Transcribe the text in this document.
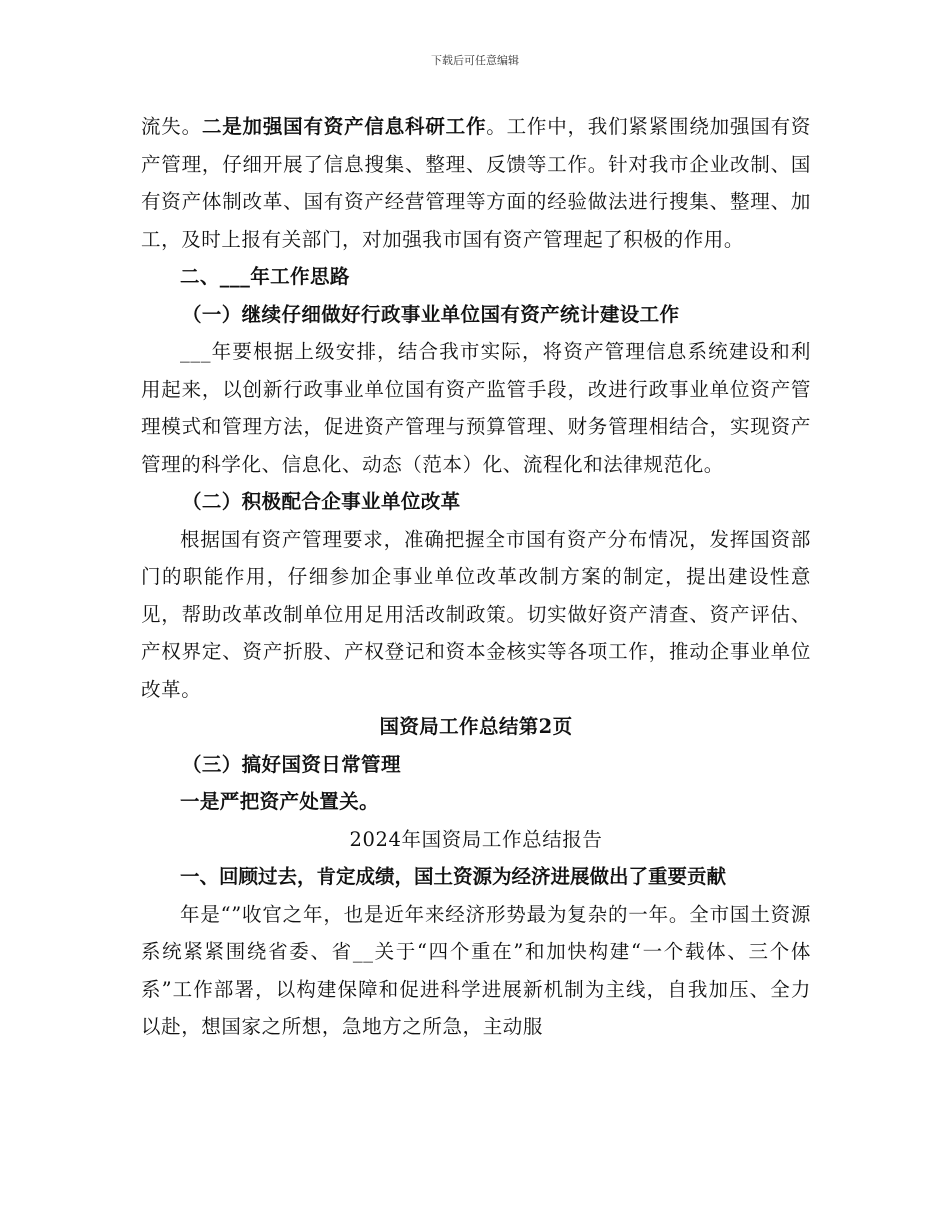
下载后可任意编辑

流失。二是加强国有资产信息科研工作。工作中，我们紧紧围绕加强国有资产管理，仔细开展了信息搜集、整理、反馈等工作。针对我市企业改制、国有资产体制改革、国有资产经营管理等方面的经验做法进行搜集、整理、加工，及时上报有关部门，对加强我市国有资产管理起了积极的作用。

二、___年工作思路

（一）继续仔细做好行政事业单位国有资产统计建设工作

___年要根据上级安排，结合我市实际，将资产管理信息系统建设和利用起来，以创新行政事业单位国有资产监管手段，改进行政事业单位资产管理模式和管理方法，促进资产管理与预算管理、财务管理相结合，实现资产管理的科学化、信息化、动态（范本）化、流程化和法律规范化。

（二）积极配合企事业单位改革

根据国有资产管理要求，准确把握全市国有资产分布情况，发挥国资部门的职能作用，仔细参加企事业单位改革改制方案的制定，提出建设性意见，帮助改革改制单位用足用活改制政策。切实做好资产清查、资产评估、产权界定、资产折股、产权登记和资本金核实等各项工作，推动企事业单位改革。

国资局工作总结第2页

（三）搞好国资日常管理

一是严把资产处置关。

2024年国资局工作总结报告

一、回顾过去，肯定成绩，国土资源为经济进展做出了重要贡献

年是“”收官之年，也是近年来经济形势最为复杂的一年。全市国土资源系统紧紧围绕省委、省__关于“四个重在”和加快构建“一个载体、三个体系”工作部署，以构建保障和促进科学进展新机制为主线，自我加压、全力以赴，想国家之所想，急地方之所急，主动服
